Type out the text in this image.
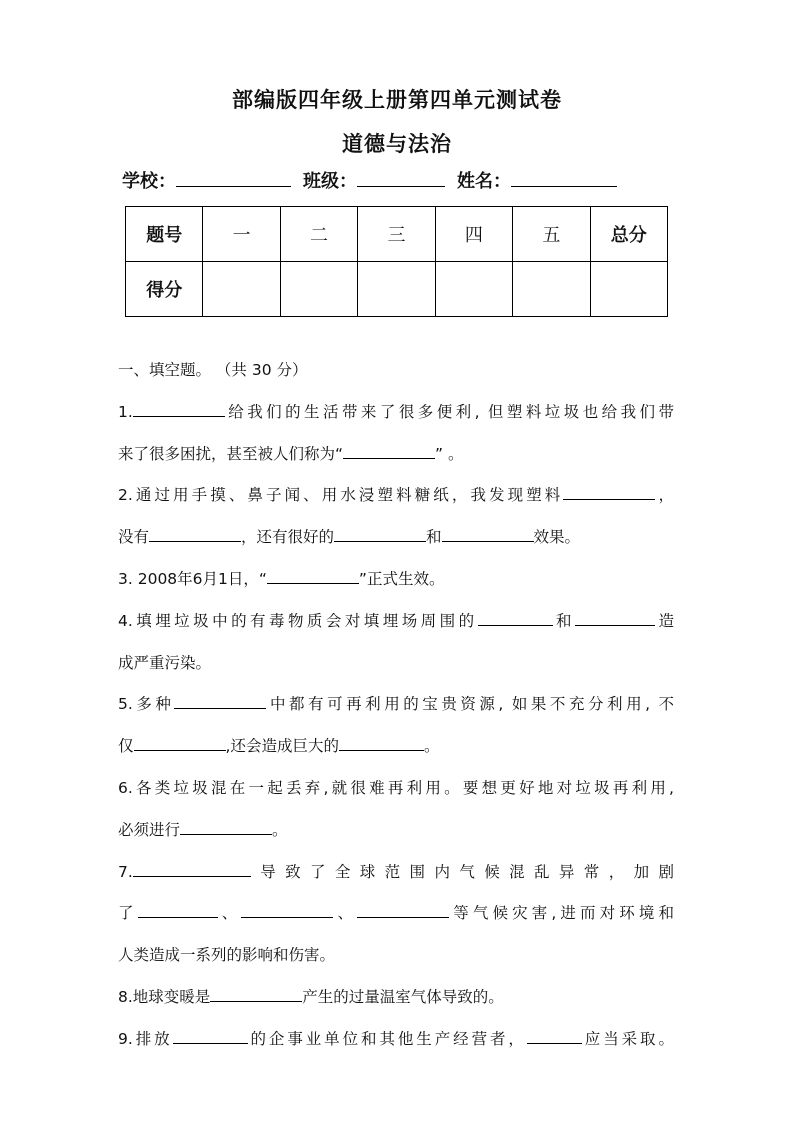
部编版四年级上册第四单元测试卷
道德与法治
学校：	班级：	姓名：
题号	一	二	三	四	五	总分
得分						
一、填空题。 （共 30 分）
1.	给我们的生活带来了很多便利, 但塑料垃圾也给我们带
来了很多困扰，甚至被人们称为“	” 。
2.通过用手摸、鼻子闻、用水浸塑料糖纸，我发现塑料	，
没有	，还有很好的	和	效果。
3. 2008年6月1日，“	”正式生效。
4.填埋垃圾中的有毒物质会对填埋场周围的	和	造
成严重污染。
5.多种	中都有可再利用的宝贵资源, 如果不充分利用, 不
仅	,还会造成巨大的	。
6.各类垃圾混在一起丢弃,就很难再利用。要想更好地对垃圾再利用,
必须进行	。
7.	导致了全球范围内气候混乱异常，加剧
了	、	、	等气候灾害,进而对环境和
人类造成一系列的影响和伤害。
8.地球变暖是	产生的过量温室气体导致的。
9.排放	的企事业单位和其他生产经营者，	应当采取。
